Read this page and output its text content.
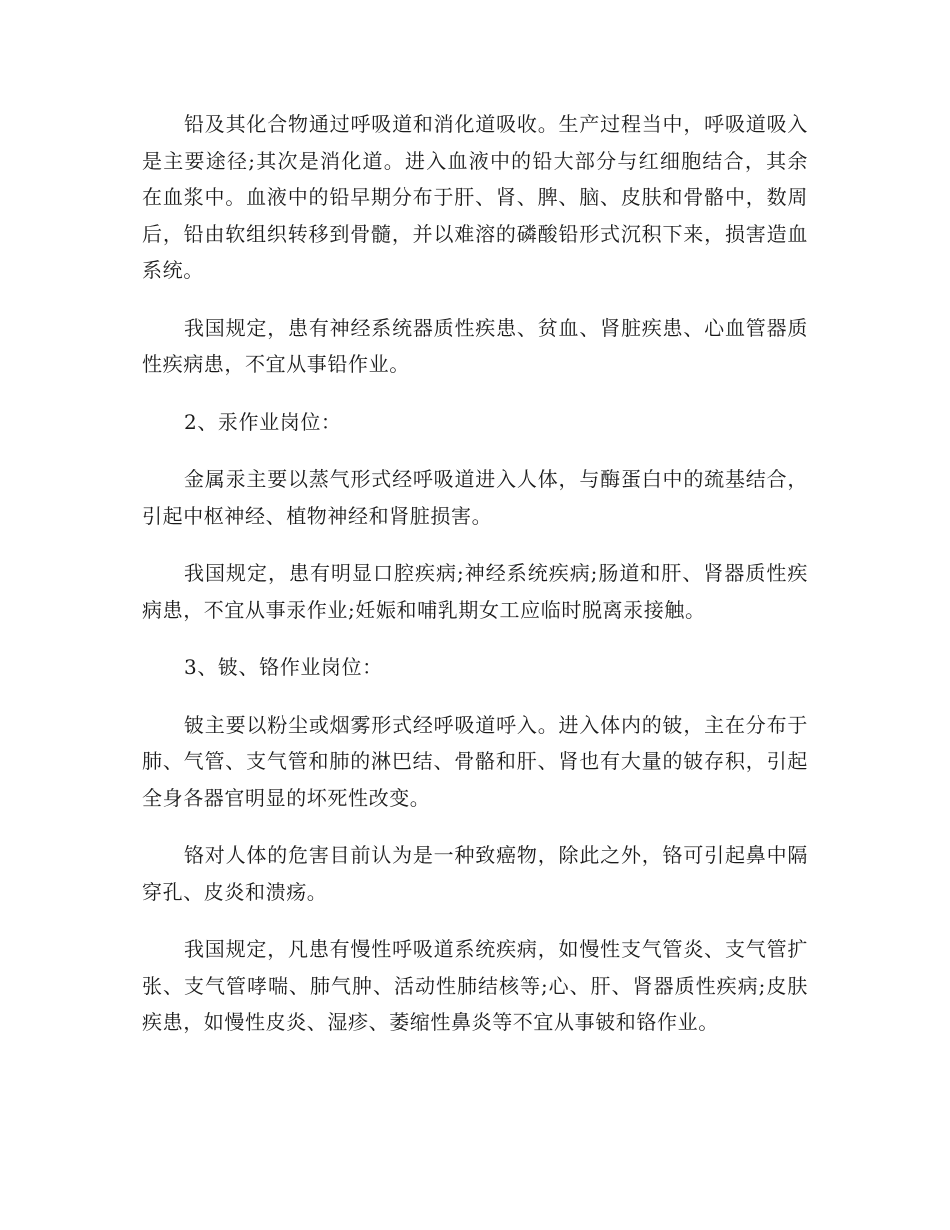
铅及其化合物通过呼吸道和消化道吸收。生产过程当中，呼吸道吸入是主要途径;其次是消化道。进入血液中的铅大部分与红细胞结合，其余在血浆中。血液中的铅早期分布于肝、肾、脾、脑、皮肤和骨骼中，数周后，铅由软组织转移到骨髓，并以难溶的磷酸铅形式沉积下来，损害造血系统。

我国规定，患有神经系统器质性疾患、贫血、肾脏疾患、心血管器质性疾病患，不宜从事铅作业。

2、汞作业岗位：

金属汞主要以蒸气形式经呼吸道进入人体，与酶蛋白中的巯基结合，引起中枢神经、植物神经和肾脏损害。

我国规定，患有明显口腔疾病;神经系统疾病;肠道和肝、肾器质性疾病患，不宜从事汞作业;妊娠和哺乳期女工应临时脱离汞接触。

3、铍、铬作业岗位：

铍主要以粉尘或烟雾形式经呼吸道呼入。进入体内的铍，主在分布于肺、气管、支气管和肺的淋巴结、骨骼和肝、肾也有大量的铍存积，引起全身各器官明显的坏死性改变。

铬对人体的危害目前认为是一种致癌物，除此之外，铬可引起鼻中隔穿孔、皮炎和溃疡。

我国规定，凡患有慢性呼吸道系统疾病，如慢性支气管炎、支气管扩张、支气管哮喘、肺气肿、活动性肺结核等;心、肝、肾器质性疾病;皮肤疾患，如慢性皮炎、湿疹、萎缩性鼻炎等不宜从事铍和铬作业。
